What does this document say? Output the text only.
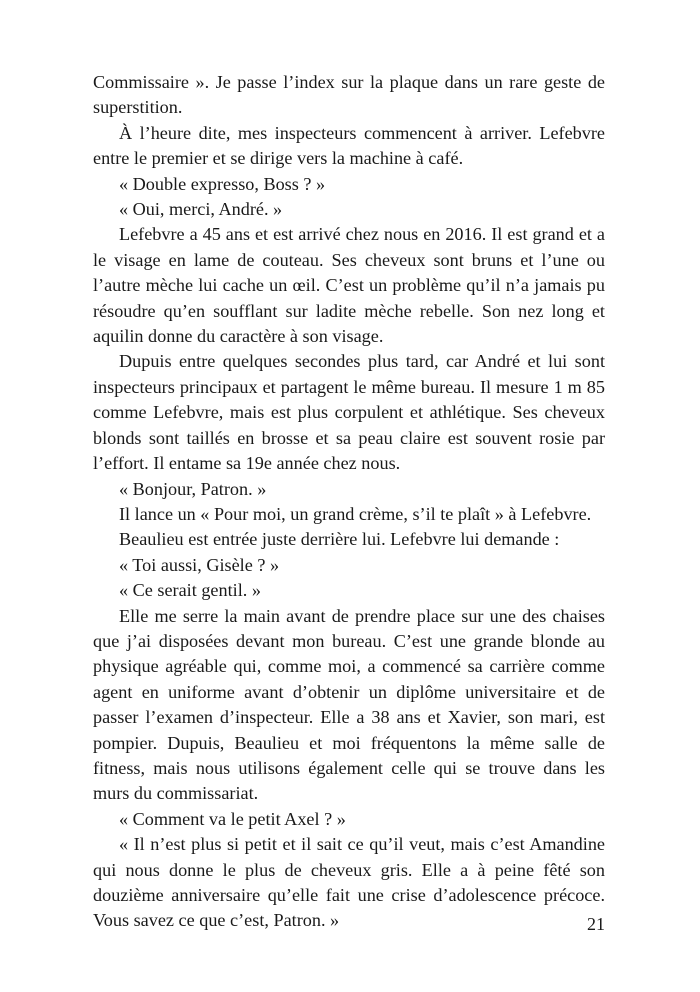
Commissaire ». Je passe l’index sur la plaque dans un rare geste de superstition.

À l’heure dite, mes inspecteurs commencent à arriver. Lefebvre entre le premier et se dirige vers la machine à café.

« Double expresso, Boss ? »

« Oui, merci, André. »

Lefebvre a 45 ans et est arrivé chez nous en 2016. Il est grand et a le visage en lame de couteau. Ses cheveux sont bruns et l’une ou l’autre mèche lui cache un œil. C’est un problème qu’il n’a jamais pu résoudre qu’en soufflant sur ladite mèche rebelle. Son nez long et aquilin donne du caractère à son visage.

Dupuis entre quelques secondes plus tard, car André et lui sont inspecteurs principaux et partagent le même bureau. Il mesure 1 m 85 comme Lefebvre, mais est plus corpulent et athlétique. Ses cheveux blonds sont taillés en brosse et sa peau claire est souvent rosie par l’effort. Il entame sa 19e année chez nous.

« Bonjour, Patron. »

Il lance un « Pour moi, un grand crème, s’il te plaît » à Lefebvre.

Beaulieu est entrée juste derrière lui. Lefebvre lui demande :

« Toi aussi, Gisèle ? »

« Ce serait gentil. »

Elle me serre la main avant de prendre place sur une des chaises que j’ai disposées devant mon bureau. C’est une grande blonde au physique agréable qui, comme moi, a commencé sa carrière comme agent en uniforme avant d’obtenir un diplôme universitaire et de passer l’examen d’inspecteur. Elle a 38 ans et Xavier, son mari, est pompier. Dupuis, Beaulieu et moi fréquentons la même salle de fitness, mais nous utilisons également celle qui se trouve dans les murs du commissariat.

« Comment va le petit Axel ? »

« Il n’est plus si petit et il sait ce qu’il veut, mais c’est Amandine qui nous donne le plus de cheveux gris. Elle a à peine fêté son douzième anniversaire qu’elle fait une crise d’adolescence précoce. Vous savez ce que c’est, Patron. »	21
